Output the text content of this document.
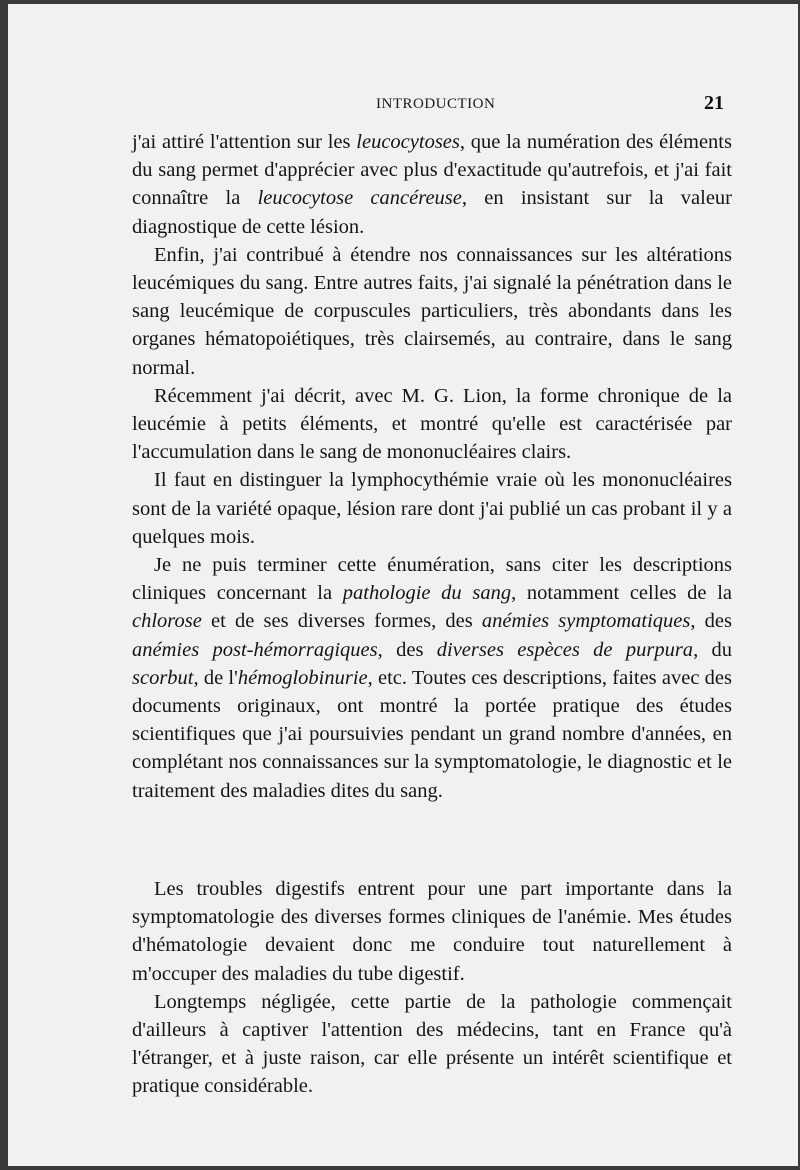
INTRODUCTION	21

j'ai attiré l'attention sur les leucocytoses, que la numération des éléments du sang permet d'apprécier avec plus d'exactitude qu'autrefois, et j'ai fait connaître la leucocytose cancéreuse, en insistant sur la valeur diagnostique de cette lésion.

Enfin, j'ai contribué à étendre nos connaissances sur les altérations leucémiques du sang. Entre autres faits, j'ai signalé la pénétration dans le sang leucémique de corpuscules particuliers, très abondants dans les organes hématopoiétiques, très clairsemés, au contraire, dans le sang normal.

Récemment j'ai décrit, avec M. G. Lion, la forme chronique de la leucémie à petits éléments, et montré qu'elle est caractérisée par l'accumulation dans le sang de mononucléaires clairs.

Il faut en distinguer la lymphocythémie vraie où les mononucléaires sont de la variété opaque, lésion rare dont j'ai publié un cas probant il y a quelques mois.

Je ne puis terminer cette énumération, sans citer les descriptions cliniques concernant la pathologie du sang, notamment celles de la chlorose et de ses diverses formes, des anémies symptomatiques, des anémies post-hémorragiques, des diverses espèces de purpura, du scorbut, de l'hémoglobinurie, etc. Toutes ces descriptions, faites avec des documents originaux, ont montré la portée pratique des études scientifiques que j'ai poursuivies pendant un grand nombre d'années, en complétant nos connaissances sur la symptomatologie, le diagnostic et le traitement des maladies dites du sang.

Les troubles digestifs entrent pour une part importante dans la symptomatologie des diverses formes cliniques de l'anémie. Mes études d'hématologie devaient donc me conduire tout naturellement à m'occuper des maladies du tube digestif.

Longtemps négligée, cette partie de la pathologie commençait d'ailleurs à captiver l'attention des médecins, tant en France qu'à l'étranger, et à juste raison, car elle présente un intérêt scientifique et pratique considérable.
